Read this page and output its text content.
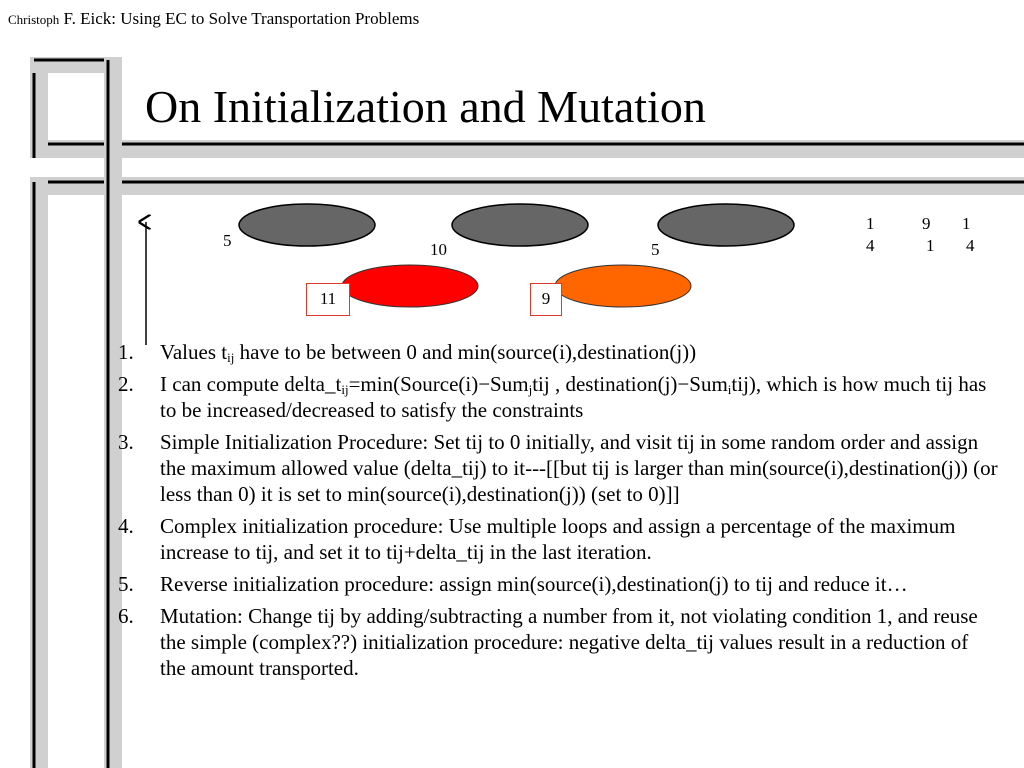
Christoph F. Eick: Using EC to Solve Transportation Problems
On Initialization and Mutation
5	10	5
11	9
1	9	1
4	1	4
1.	Values $t_{ij}$ have to be between 0 and min(source(i),destination(j))
2.	I can compute $delta\_t_{ij}=\min(Source(i)-Sum_jtij$ , destination(j)−Sum$_i$tij), which is how much tij has to be increased/decreased to satisfy the constraints
3.	Simple Initialization Procedure: Set tij to 0 initially, and visit tij in some random order and assign the maximum allowed value (delta_tij) to it---[[but tij is larger than min(source(i),destination(j)) (or less than 0) it is set to min(source(i),destination(j)) (set to 0)]]
4.	Complex initialization procedure: Use multiple loops and assign a percentage of the maximum increase to tij, and set it to tij+delta_tij in the last iteration.
5.	Reverse initialization procedure: assign min(source(i),destination(j) to tij and reduce it…
6.	Mutation: Change tij by adding/subtracting a number from it, not violating condition 1, and reuse the simple (complex??) initialization procedure: negative delta_tij values result in a reduction of the amount transported.
